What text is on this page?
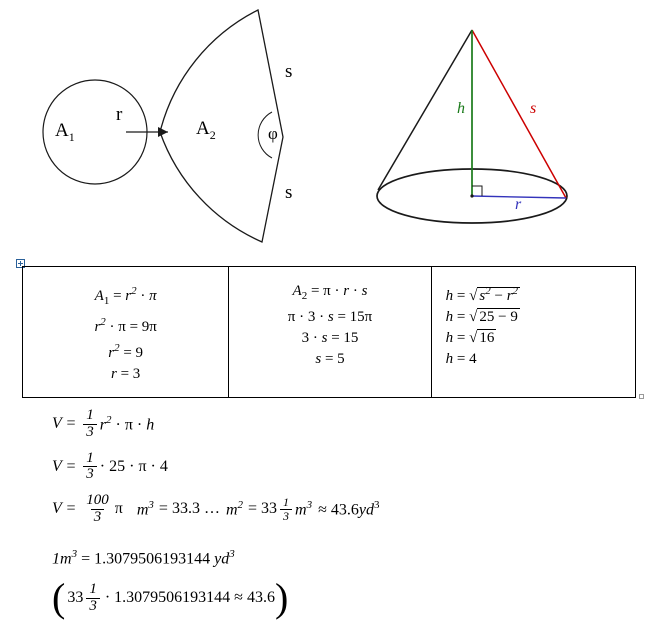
$A_1$
r
$A_2$	φ
s
s
h	s
r
$A_1 = r^2 \cdot \pi$
$r^2 \cdot \pi = 9\pi$
$r^2 = 9$
r = 3
$A_2 = \pi \cdot r \cdot s$
π · 3 · s = 15π
3 · s = 15
s = 5
h = √ $s^2 - r^2$
h = √ 25 − 9
h = √ 16
h = 4
$V = \frac{1}{3} r^2 \cdot \pi \cdot h$
$V = \frac{1}{3} \cdot 25 \cdot \pi \cdot 4$
$V = \frac{100}{3}$ π $m^3 = 33.3$ … $m^2 = 33 \frac{1}{3} m^3 \approx 43.6yd^3$
$1m^3 = 1.3079506193144$ $yd^3$
( $33 \frac{1}{3} \cdot 1.3079506193144 \approx 43.6$ )
